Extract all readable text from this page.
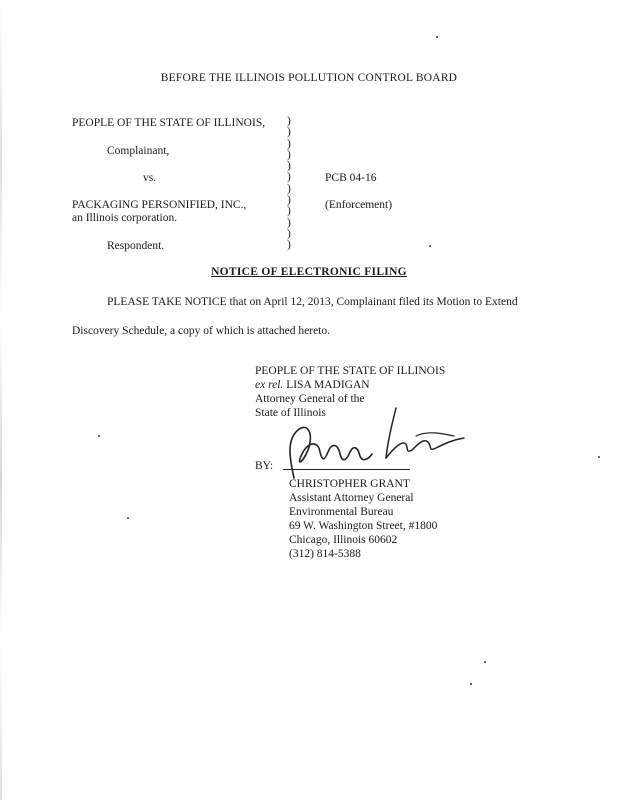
BEFORE THE ILLINOIS POLLUTION CONTROL BOARD
PEOPLE OF THE STATE OF ILLINOIS,
Complainant,
vs.
PACKAGING PERSONIFIED, INC.,
an Illinois corporation.
Respondent.
)
)
)
)
)
)
)
)
)
)
)
)
PCB 04-16
(Enforcement)
NOTICE OF ELECTRONIC FILING
PLEASE TAKE NOTICE that on April 12, 2013, Complainant filed its Motion to Extend
Discovery Schedule, a copy of which is attached hereto.
PEOPLE OF THE STATE OF ILLINOIS
ex rel. LISA MADIGAN
Attorney General of the
State of Illinois
BY:
CHRISTOPHER GRANT
Assistant Attorney General
Environmental Bureau
69 W. Washington Street, #1800
Chicago, Illinois 60602
(312) 814-5388
